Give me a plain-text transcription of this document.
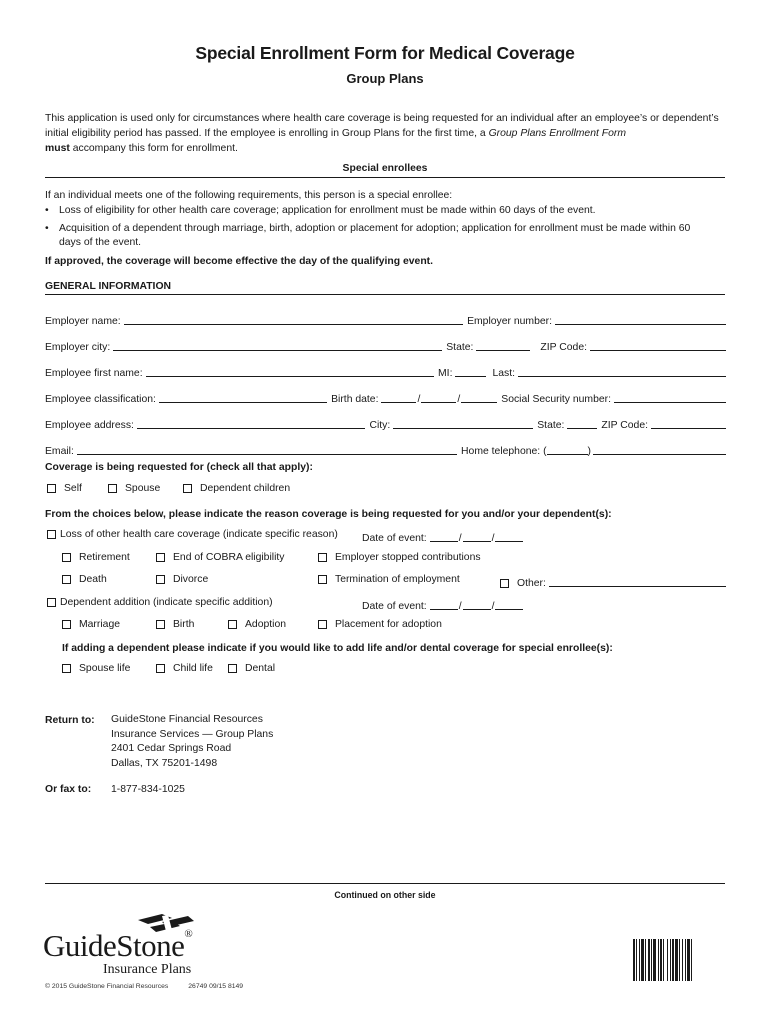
Special Enrollment Form for Medical Coverage
Group Plans
This application is used only for circumstances where health care coverage is being requested for an individual after an employee’s or dependent’s initial eligibility period has passed. If the employee is enrolling in Group Plans for the first time, a Group Plans Enrollment Form
must accompany this form for enrollment.
Special enrollees
If an individual meets one of the following requirements, this person is a special enrollee:
• Loss of eligibility for other health care coverage; application for enrollment must be made within 60 days of the event.
• Acquisition of a dependent through marriage, birth, adoption or placement for adoption; application for enrollment must be made within 60
days of the event.
If approved, the coverage will become effective the day of the qualifying event.
GENERAL INFORMATION
Employer name:	Employer number:
Employer city:	State:	ZIP Code:
Employee first name:	MI:	Last:
Employee classification:	Birth date:	/	/	Social Security number:
Employee address:	City:	State:	ZIP Code:
Email:	Home telephone: (	)
Coverage is being requested for (check all that apply):
Self	Spouse	Dependent children
From the choices below, please indicate the reason coverage is being requested for you and/or your dependent(s):
Loss of other health care coverage (indicate specific reason) Date of event:	/	/
Retirement	End of COBRA eligibility	Employer stopped contributions
Death	Divorce	Termination of employment	Other:
Dependent addition (indicate specific addition)	Date of event:	/	/
Marriage	Birth	Adoption	Placement for adoption
If adding a dependent please indicate if you would like to add life and/or dental coverage for special enrollee(s):
Spouse life	Child life	Dental
Return to: GuideStone Financial Resources
Insurance Services — Group Plans
2401 Cedar Springs Road
Dallas, TX 75201-1498
Or fax to: 1-877-834-1025
Continued on other side
GuideStone®
Insurance Plans
© 2015 GuideStone Financial Resources	26749 09/15 8149
